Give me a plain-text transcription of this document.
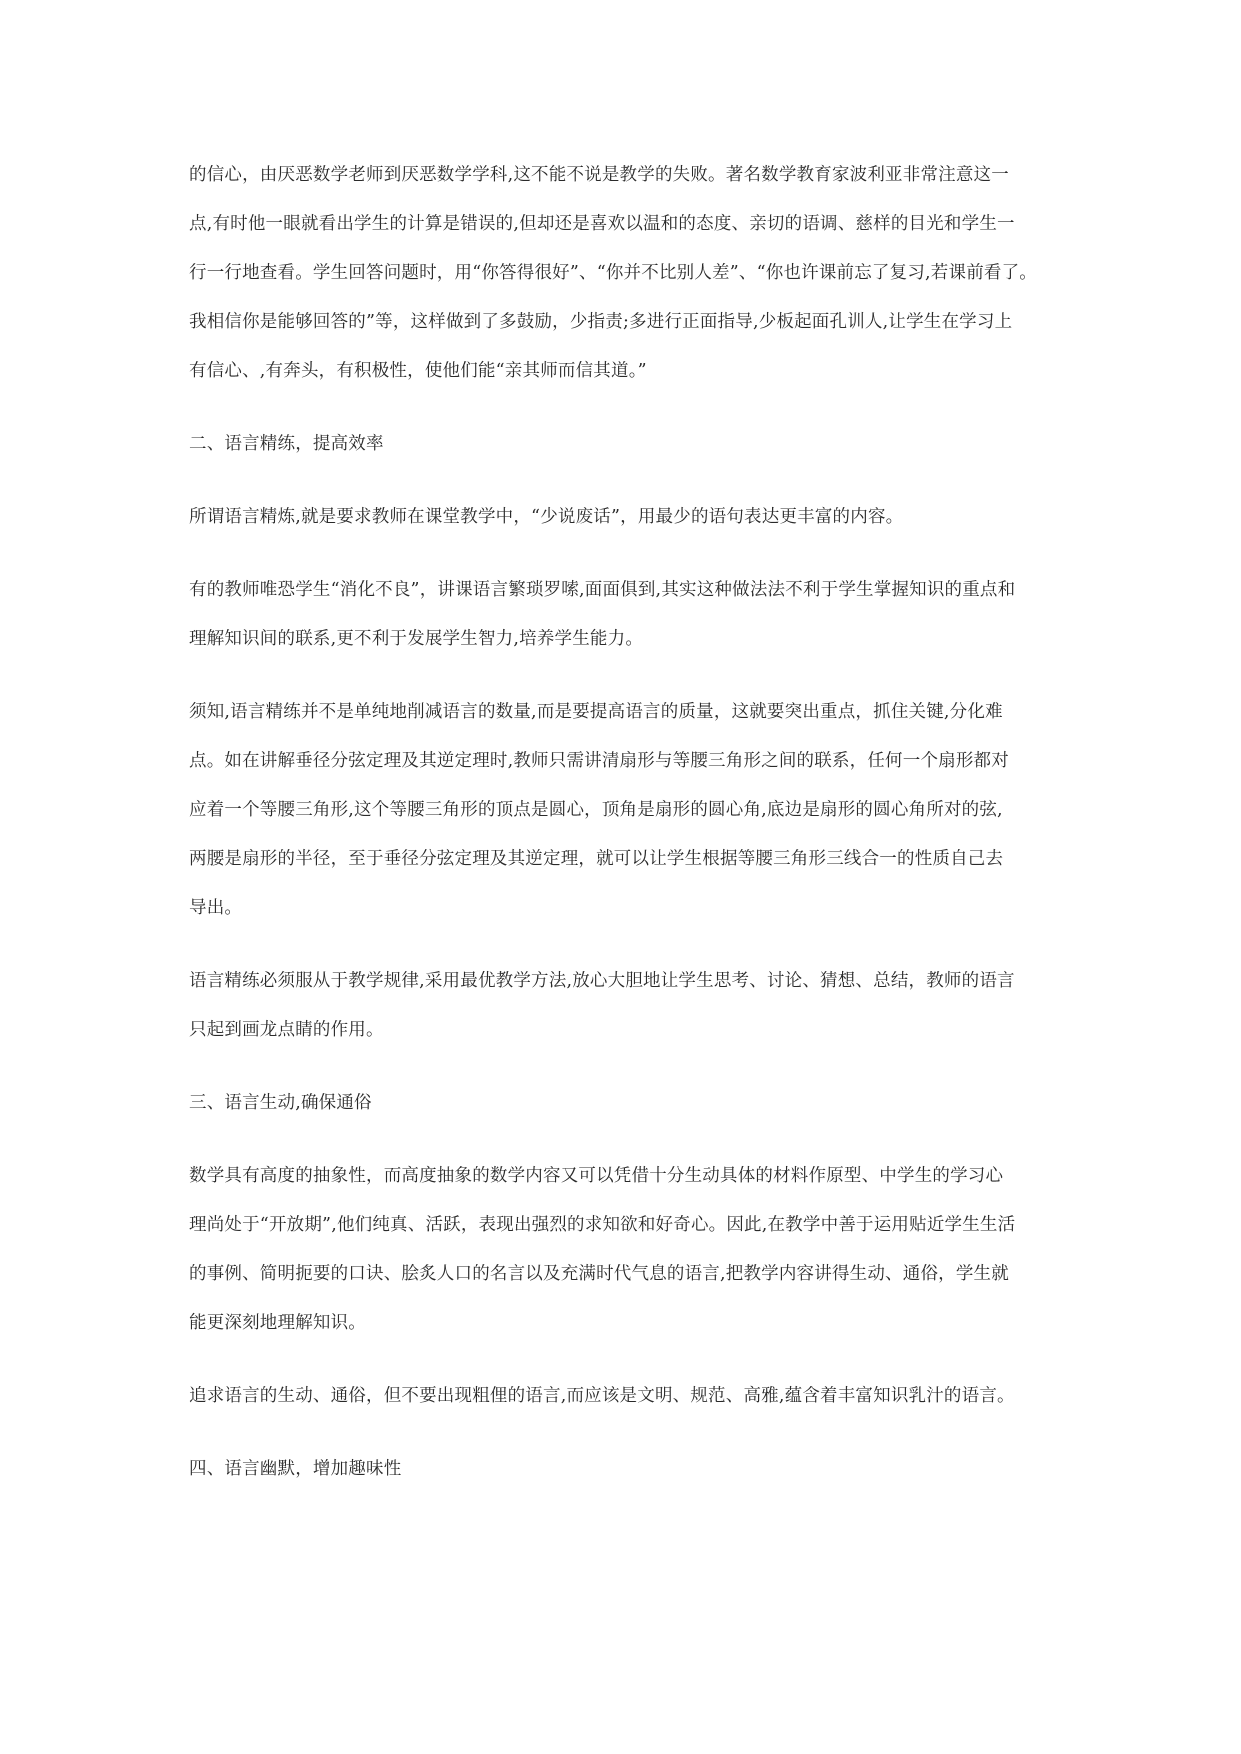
的信心，由厌恶数学老师到厌恶数学学科,这不能不说是教学的失败。著名数学教育家波利亚非常注意这一
点,有时他一眼就看出学生的计算是错误的,但却还是喜欢以温和的态度、亲切的语调、慈样的目光和学生一
行一行地查看。学生回答问题时，用“你答得很好”、“你并不比别人差”、“你也许课前忘了复习,若课前看了。
我相信你是能够回答的”等，这样做到了多鼓励，少指责;多进行正面指导,少板起面孔训人,让学生在学习上
有信心、,有奔头，有积极性，使他们能“亲其师而信其道。”
二、语言精练，提高效率
所谓语言精炼,就是要求教师在课堂教学中，“少说废话”，用最少的语句表达更丰富的内容。
有的教师唯恐学生“消化不良”，讲课语言繁琐罗嗦,面面俱到,其实这种做法法不利于学生掌握知识的重点和
理解知识间的联系,更不利于发展学生智力,培养学生能力。
须知,语言精练并不是单纯地削减语言的数量,而是要提高语言的质量，这就要突出重点，抓住关键,分化难
点。如在讲解垂径分弦定理及其逆定理时,教师只需讲清扇形与等腰三角形之间的联系，任何一个扇形都对
应着一个等腰三角形,这个等腰三角形的顶点是圆心，顶角是扇形的圆心角,底边是扇形的圆心角所对的弦,
两腰是扇形的半径，至于垂径分弦定理及其逆定理，就可以让学生根据等腰三角形三线合一的性质自己去
导出。
语言精练必须服从于教学规律,采用最优教学方法,放心大胆地让学生思考、讨论、猜想、总结，教师的语言
只起到画龙点睛的作用。
三、语言生动,确保通俗
数学具有高度的抽象性，而高度抽象的数学内容又可以凭借十分生动具体的材料作原型、中学生的学习心
理尚处于“开放期”,他们纯真、活跃，表现出强烈的求知欲和好奇心。因此,在教学中善于运用贴近学生生活
的事例、简明扼要的口诀、脍炙人口的名言以及充满时代气息的语言,把教学内容讲得生动、通俗，学生就
能更深刻地理解知识。
追求语言的生动、通俗，但不要出现粗俚的语言,而应该是文明、规范、高雅,蕴含着丰富知识乳汁的语言。
四、语言幽默，增加趣味性
